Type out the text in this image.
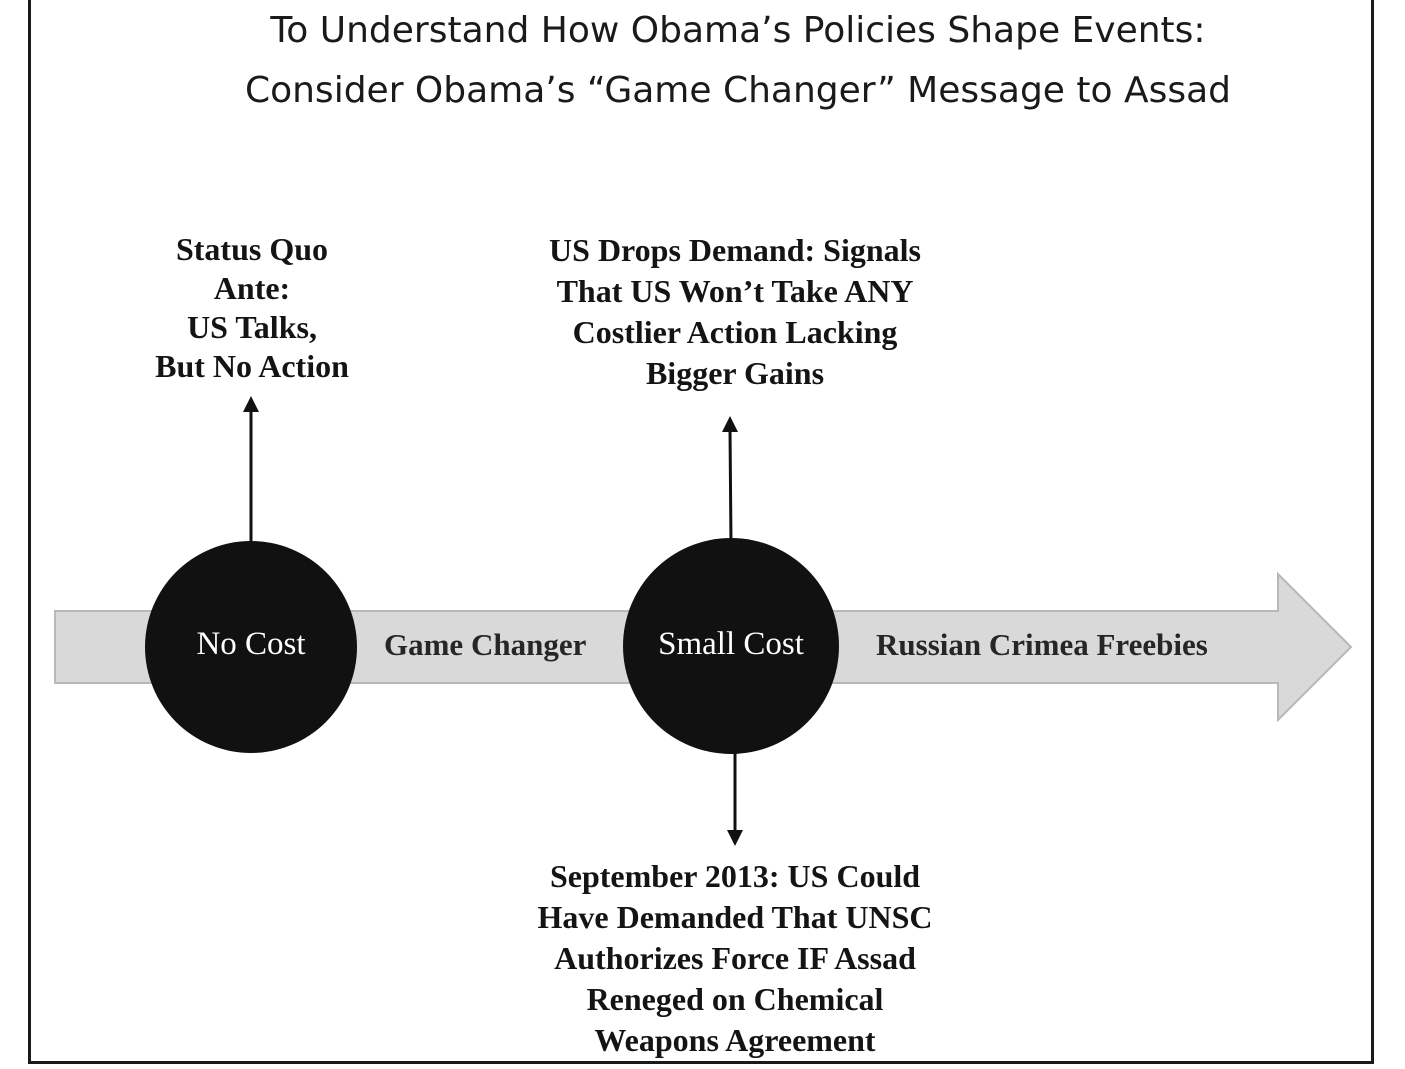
To Understand How Obama’s Policies Shape Events:
Consider Obama’s “Game Changer” Message to Assad
No Cost	Small Cost
Game Changer	Russian Crimea Freebies
Status Quo
Ante:
US Talks,
But No Action
US Drops Demand: Signals
That US Won’t Take ANY
Costlier Action Lacking
Bigger Gains
September 2013: US Could
Have Demanded That UNSC
Authorizes Force IF Assad
Reneged on Chemical
Weapons Agreement
